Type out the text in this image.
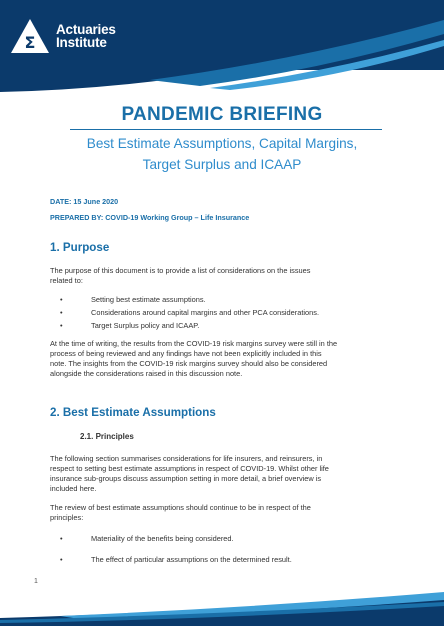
Σ
Actuaries
Institute
PANDEMIC BRIEFING
Best Estimate Assumptions, Capital Margins,
Target Surplus and ICAAP
DATE: 15 June 2020
PREPARED BY: COVID-19 Working Group – Life Insurance
1. Purpose
The purpose of this document is to provide a list of considerations on the issues
related to:
•	Setting best estimate assumptions.
•	Considerations around capital margins and other PCA considerations.
•	Target Surplus policy and ICAAP.
At the time of writing, the results from the COVID-19 risk margins survey were still in the
process of being reviewed and any findings have not been explicitly included in this
note. The insights from the COVID-19 risk margins survey should also be considered
alongside the considerations raised in this discussion note.
2. Best Estimate Assumptions
2.1. Principles
The following section summarises considerations for life insurers, and reinsurers, in
respect to setting best estimate assumptions in respect of COVID-19. Whilst other life
insurance sub-groups discuss assumption setting in more detail, a brief overview is
included here.
The review of best estimate assumptions should continue to be in respect of the
principles:
•	Materiality of the benefits being considered.
•	The effect of particular assumptions on the determined result.
1
